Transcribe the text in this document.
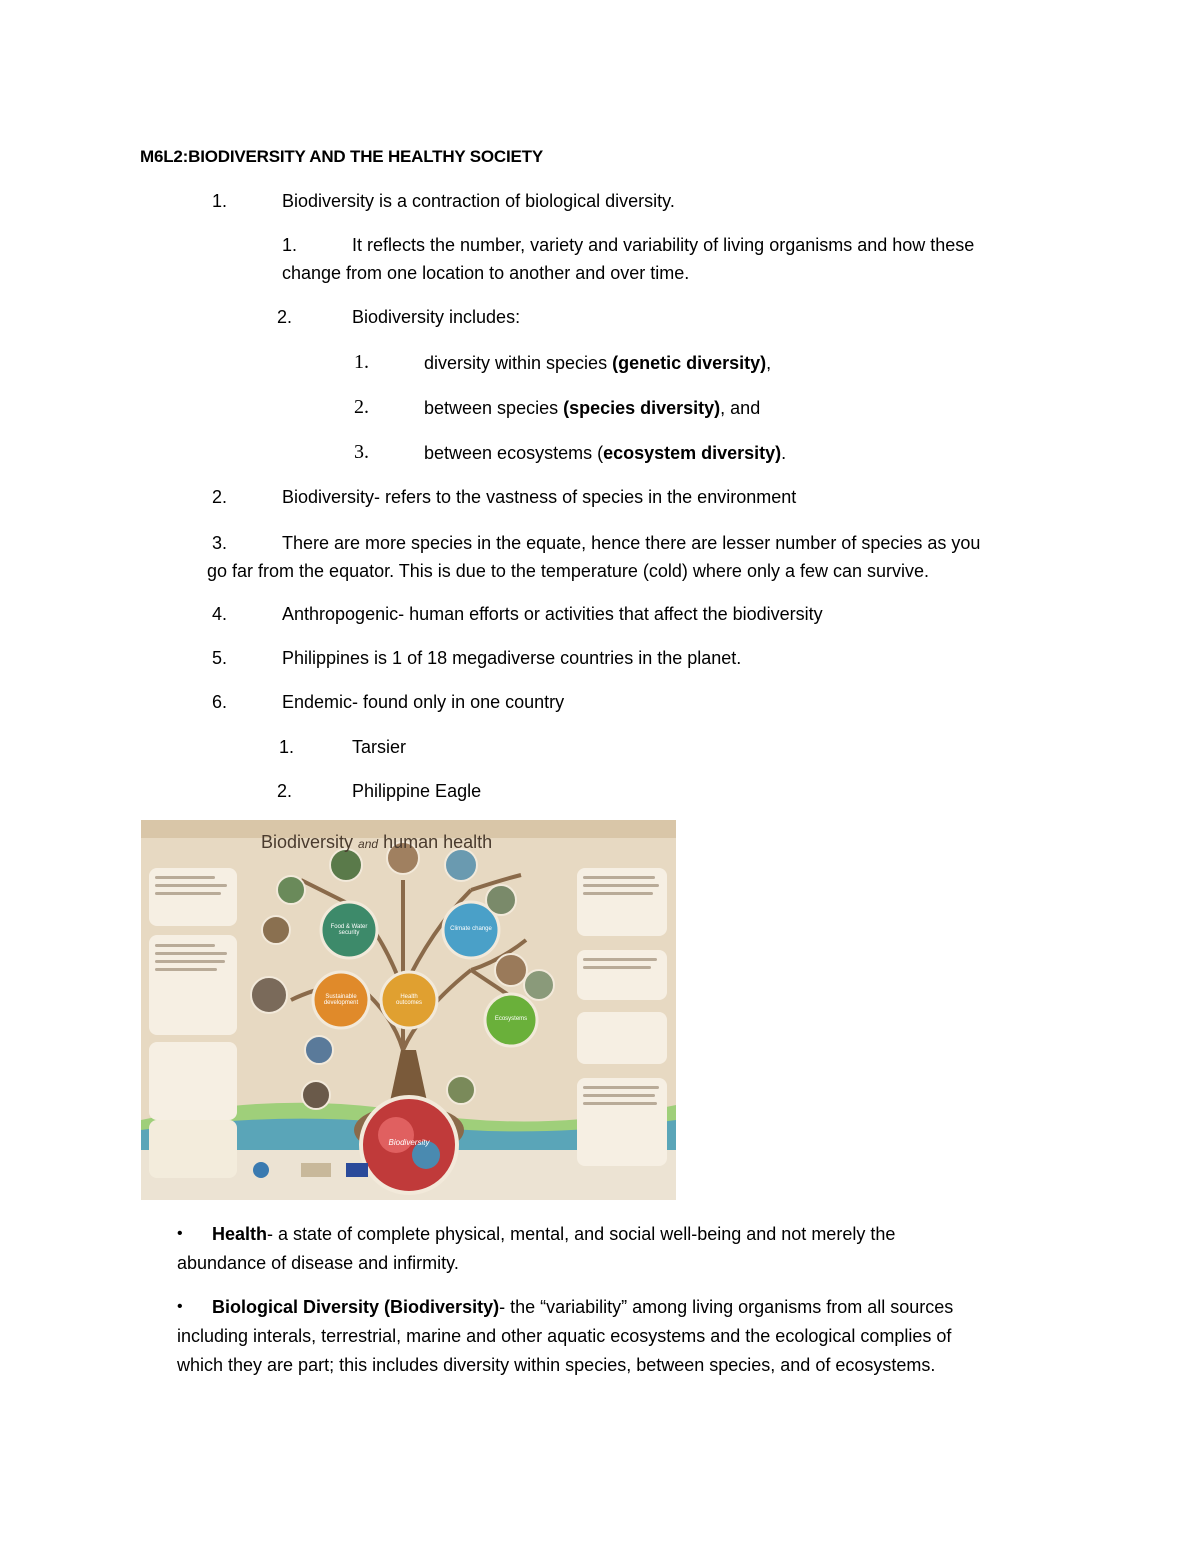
M6L2:BIODIVERSITY AND THE HEALTHY SOCIETY
1.	Biodiversity is a contraction of biological diversity.
1.	It reflects the number, variety and variability of living organisms and how these
change from one location to another and over time.
2.	Biodiversity includes:
1.	diversity within species (genetic diversity),
2.	between species (species diversity), and
3.	between ecosystems (ecosystem diversity).
2.	Biodiversity- refers to the vastness of species in the environment
3.	There are more species in the equate, hence there are lesser number of species as you
go far from the equator. This is due to the temperature (cold) where only a few can survive.
4.	Anthropogenic- human efforts or activities that affect the biodiversity
5.	Philippines is 1 of 18 megadiverse countries in the planet.
6.	Endemic- found only in one country
1.	Tarsier
2.	Philippine Eagle
Biodiversity and human health
Food & Water security
Climate change
Sustainable development
Health outcomes
Ecosystems
Biodiversity
• Health- a state of complete physical, mental, and social well-being and not merely the
abundance of disease and infirmity.
• Biological Diversity (Biodiversity)- the “variability” among living organisms from all sources
including interals, terrestrial, marine and other aquatic ecosystems and the ecological complies of
which they are part; this includes diversity within species, between species, and of ecosystems.
